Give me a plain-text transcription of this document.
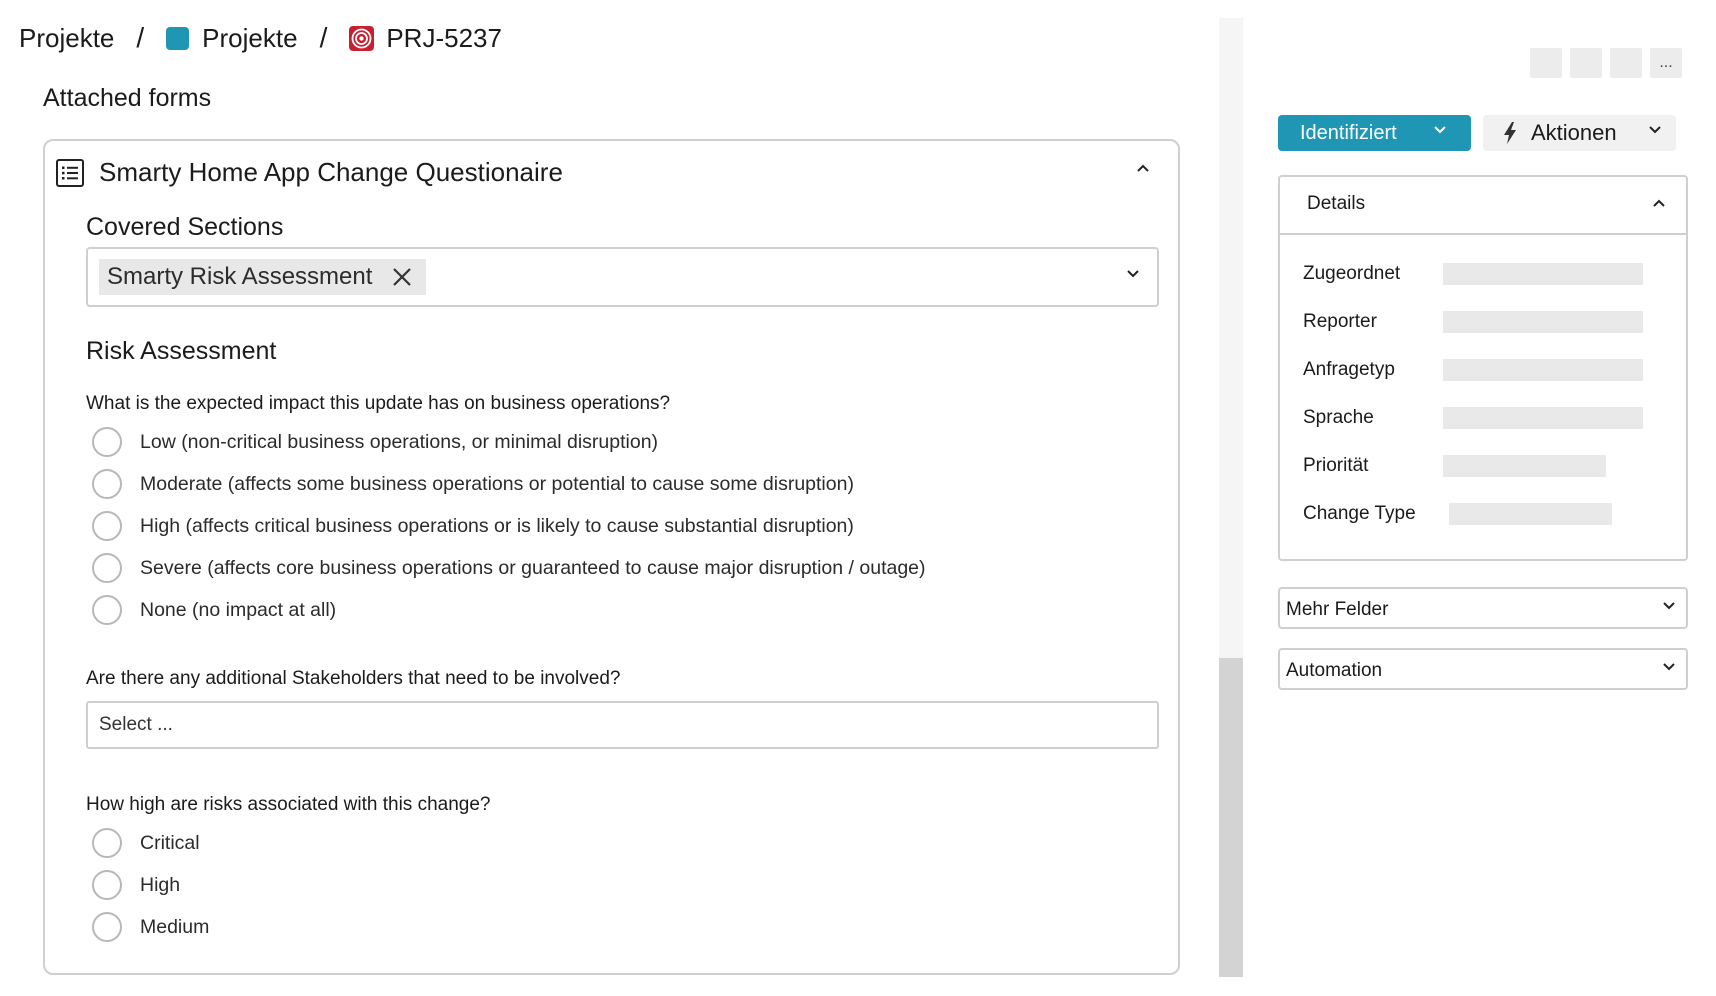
Projekte / Projekte / PRJ-5237
Attached forms
Smarty Home App Change Questionaire
Covered Sections
Smarty Risk Assessment
Risk Assessment
What is the expected impact this update has on business operations?
Low (non-critical business operations, or minimal disruption)
Moderate (affects some business operations or potential to cause some disruption)
High (affects critical business operations or is likely to cause substantial disruption)
Severe (affects core business operations or guaranteed to cause major disruption / outage)
None (no impact at all)
Are there any additional Stakeholders that need to be involved?
Select ...
How high are risks associated with this change?
Critical
High
Medium
...
Identifiziert	Aktionen
Details
Zugeordnet
Reporter
Anfragetyp
Sprache
Priorität
Change Type
Mehr Felder
Automation
